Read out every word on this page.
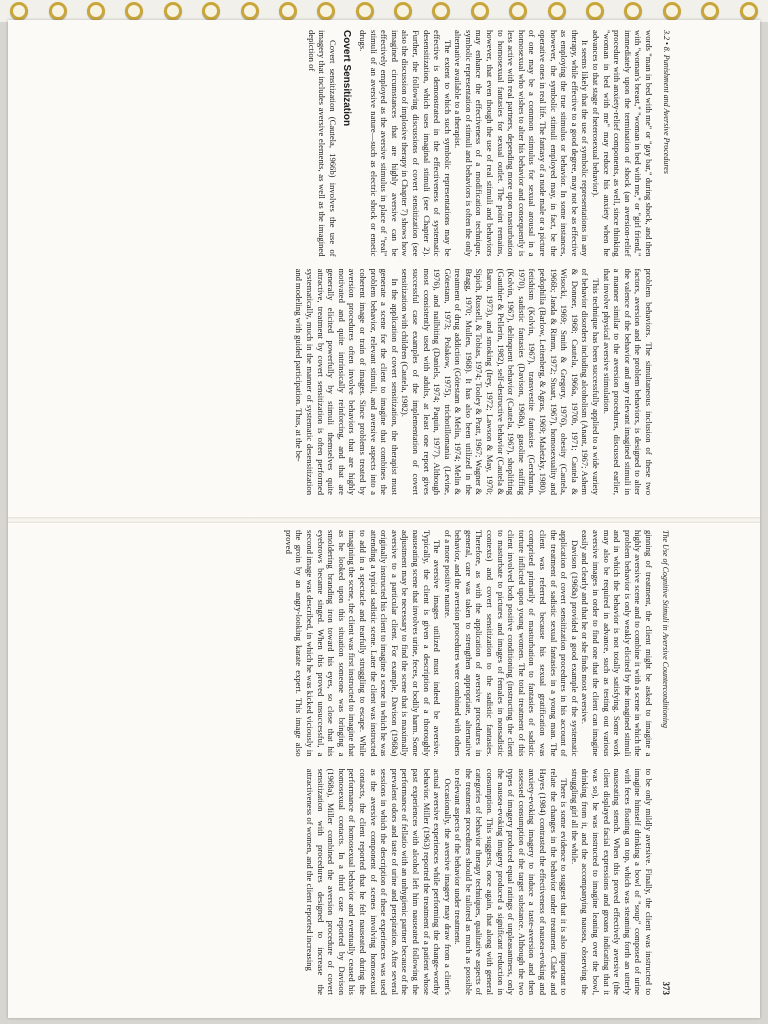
3.2 • 8. Punishment and Aversive Procedures

words "man in bed with me" or "gay bar," during shock, and then with "woman's breast," "woman in bed with me," or "girl friend," immediately upon the termination of shock (an aversion-relief procedure with anxiety-relief components, as well, since thinking "woman in bed with me" may reduce his anxiety when he advances to that stage of heterosexual behavior).

It seems likely that the use of symbolic representations in any therapy, while effective to a good degree, may not be as effective as employing the true stimulus or behavior. In some instances, however, the symbolic stimuli employed may, in fact, be the operative ones in real life. The fantasy of a nude male or a picture of one may be a common stimulus for sexual arousal in a homosexual who wishes to alter his behavior and consequently is less active with real partners, depending more upon masturbation to homosexual fantasies for sexual outlet. The point remains, however, that even though the use of real stimuli and behaviors may enhance the effectiveness of a modification technique, symbolic representation of stimuli and behaviors is often the only alternative available to a therapist.

The extent to which such symbolic representations may be effective is demonstrated in the effectiveness of systematic desensitization, which uses imaginal stimuli (see Chapter 2). Further, the following discussions of covert sensitization (see also the discussion of implosive therapy in Chapter 7) shows how imagined circumstances that are highly aversive can be effectively employed as the aversive stimulus in place of "real" stimuli of an aversive nature—such as electric shock or emetic drugs.

Covert Sensitization

Covert sensitization (Cautela, 1966b) involves the use of imagery that includes aversive elements, as well as the imagined depiction of

problem behaviors. The simultaneous inclusion of these two factors, aversion and the problem behaviors, is designed to alter the valence of the behavior and any relevant imagined stimuli in a manner similar to the aversion procedures, discussed earlier, that involve physical aversive stimulation.

This technique has been successfully applied to a wide variety of behavior disorders including alcoholism (Anant, 1967; Ashem & Donner, 1968; Cautela, 1966a, 1970b, 1971; Cautela & Wisocki, 1969; Smith & Gregory, 1976), obesity (Cautela, 1966b; Janda & Rimm, 1972; Stuart, 1967), homosexuality and pedophilia (Barlow, Leitenberg, & Agras, 1969; Maletzky, 1980), fetishism (Kolvin, 1967), transvestite fantasies (Gershman, 1970), sadistic fantasies (Davison, 1968a), gasoline sniffing (Kolvin, 1967), delinquent behavior (Cautela, 1967), shoplifting (Gauthier & Pellerin, 1982), self-destructive behavior (Cautela & Baron, 1973), and smoking (Irey, 1972; Lawson & May, 1970; Sipich, Russell, & Tobias, 1974; Tooley & Pratt, 1967; Wagner & Bragg, 1970; Mullen, 1968). It has also been utilized in the treatment of drug addiction (Götestam & Melin, 1974; Melin & Götestam, 1973; Polakow, 1975), trichotillomania (Levine, 1976), and nailbiting (Daniels, 1974; Paquin, 1977). Although most consistently used with adults, at least one report gives successful case examples of the implementation of covert sensitization with children (Cautela, 1982).

In the application of covert sensitization, the therapist must generate a scene for the client to imagine that combines the problem behavior, relevant stimuli, and aversive aspects into a coherent image or train of images. Since problems treated by aversion procedures often involve behaviors that are highly motivated and quite intrinsically reinforcing, and that are generally elicited powerfully by stimuli themselves quite attractive, treatment by covert sensitization is often performed systematically, much in the manner of systematic desensitization and modeling with guided participation. Thus, at the be-

The Use of Cognitive Stimuli in Aversive Counterconditioning
373

ginning of treatment, the client might be asked to imagine a highly aversive scene and to combine it with a scene in which the problem behavior is only weakly elicited by the imagined stimuli and in which the behavior is not totally satisfying. Some work may also be required in advance, such as testing out various aversive images in order to find one that the client can imagine easily and clearly and that he or she finds most aversive.

Davison (1968a) provided a good example of the systematic application of covert sensitization procedures in his account of the treatment of sadistic sexual fantasies in a young man. The client was referred because his sexual gratification was comprised primarily of masturbation to fantasies of sadistic torture inflicted upon young women. The total treatment of this client involved both positive conditioning (instructing the client to masturbate to pictures and images of females in nonsadistic contexts) and covert sensitization to the sadistic fantasies. Therefore, as with the application of aversive procedures in general, care was taken to strengthen appropriate, alternative behavior, and the aversion procedures were combined with others of a more positive nature.

The aversive images utilized must indeed be aversive. Typically, the client is given a description of a thoroughly nauseating scene that involves urine, feces, or bodily harm. Some adjustment may be necessary to find the scene that is maximally aversive to a particular client. For example, Davison (1968a) originally instructed his client to imagine a scene in which he was attending a typical sadistic scene. Later the client was instructed to add in a spectacle and tearfully struggling to escape. While imagining the scene, the client was first instructed to imagine that as he looked upon this situation someone was bringing a smoldering branding iron toward his eyes, so close that his eyebrows became singed. When this proved unsuccessful, a second image was described, in which he was kicked viciously in the groin by an angry-looking karate expert. This image also proved

to be only mildly aversive. Finally, the client was instructed to imagine himself drinking a bowl of "soup" composed of urine with feces floating on top, which was steaming forth an utterly nauseating stench. When this proved effectively aversive (the client displayed facial expressions and groans indicating that it was so), he was instructed to imagine leaning over the bowl, drinking from it, and the accompanying nausea, observing the struggling girl all the while.

There is some evidence to suggest that it is also important to relate the changes in the behavior under treatment. Clarke and Hayes (1984) contrasted the effectiveness of nausea-evoking and anxiety-evoking imagery to induce a taste-aversion and then assessed consumption of the target substance. Although the two types of imagery produced equal ratings of unpleasantness, only the nausea-evoking imagery produced a significant reduction in consumption. This suggests, once again, that along with general categories of behavior therapy techniques, qualitative aspects of the treatment procedures should be tailored as much as possible to relevant aspects of the behavior under treatment.

Occasionally, the aversive imagery may draw from a client's actual aversive experiences while performing the change-worthy behavior. Miller (1963) reported the treatment of a patient whose past experiences with alcohol left him nauseated following the performance of fellatio with an unhygienic partner because of the prevalent odors and taste of urine and perspiration. After several sessions in which the description of these experiences was used as the aversive component of scenes involving homosexual contacts, the client reported that he felt nauseated during the performance of homosexual behavior and eventually ceased his homosexual contacts. In a third case reported by Davison (1968a), Miller combined the aversion procedure of covert sensitization with procedures designed to increase the attractiveness of women, and the client reported increasing
